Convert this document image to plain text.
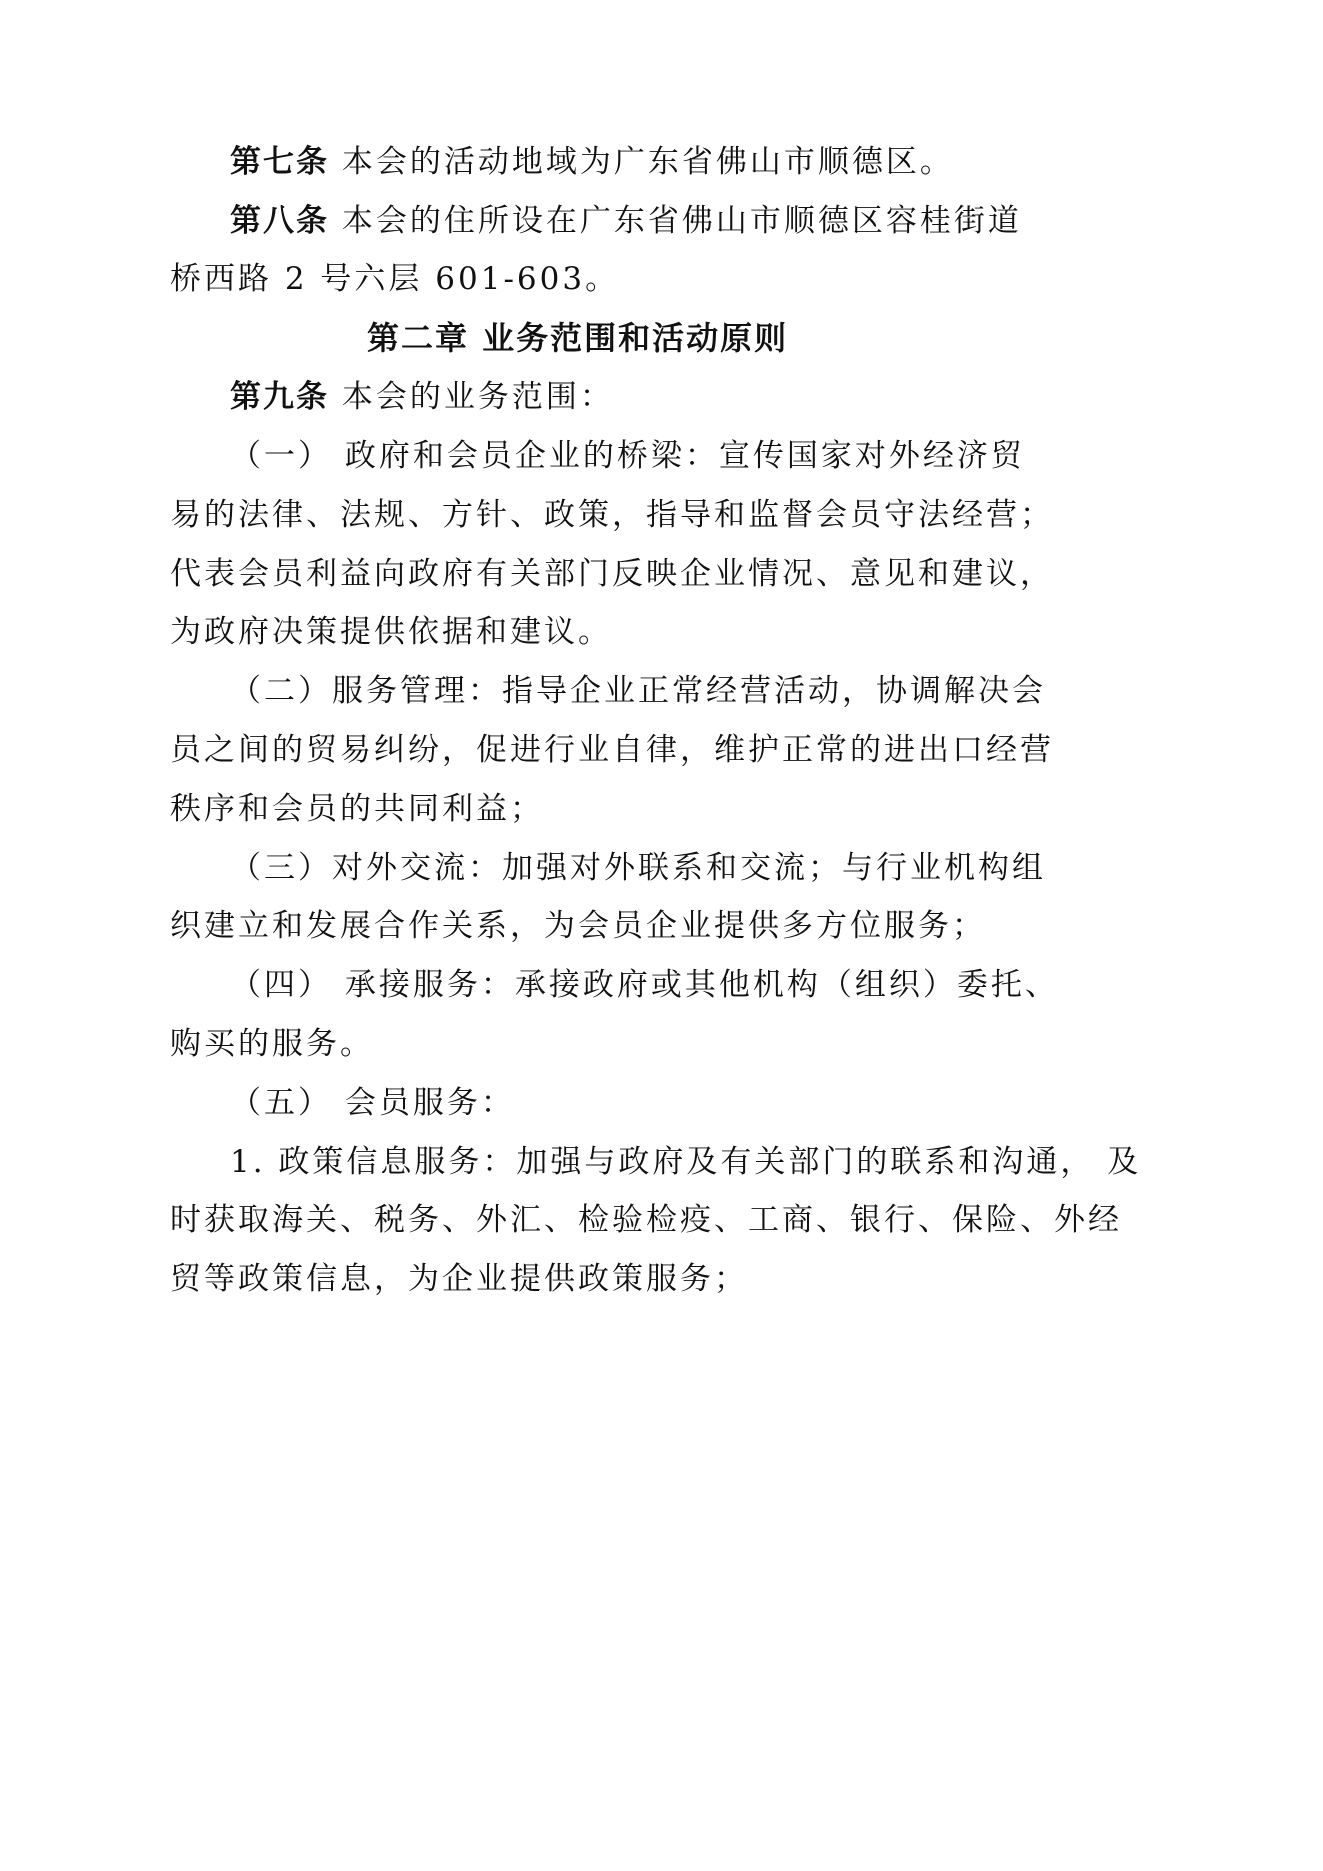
第七条 本会的活动地域为广东省佛山市顺德区。
第八条 本会的住所设在广东省佛山市顺德区容桂街道
桥西路 2 号六层 601-603。
第二章 业务范围和活动原则
第九条 本会的业务范围：
（一） 政府和会员企业的桥梁：宣传国家对外经济贸
易的法律、法规、方针、政策，指导和监督会员守法经营；
代表会员利益向政府有关部门反映企业情况、意见和建议，
为政府决策提供依据和建议。
（二）服务管理：指导企业正常经营活动，协调解决会
员之间的贸易纠纷，促进行业自律，维护正常的进出口经营
秩序和会员的共同利益；
（三）对外交流：加强对外联系和交流；与行业机构组
织建立和发展合作关系，为会员企业提供多方位服务；
（四） 承接服务：承接政府或其他机构（组织）委托、
购买的服务。
（五） 会员服务：
1. 政策信息服务：加强与政府及有关部门的联系和沟通， 及
时获取海关、税务、外汇、检验检疫、工商、银行、保险、外经
贸等政策信息，为企业提供政策服务；
